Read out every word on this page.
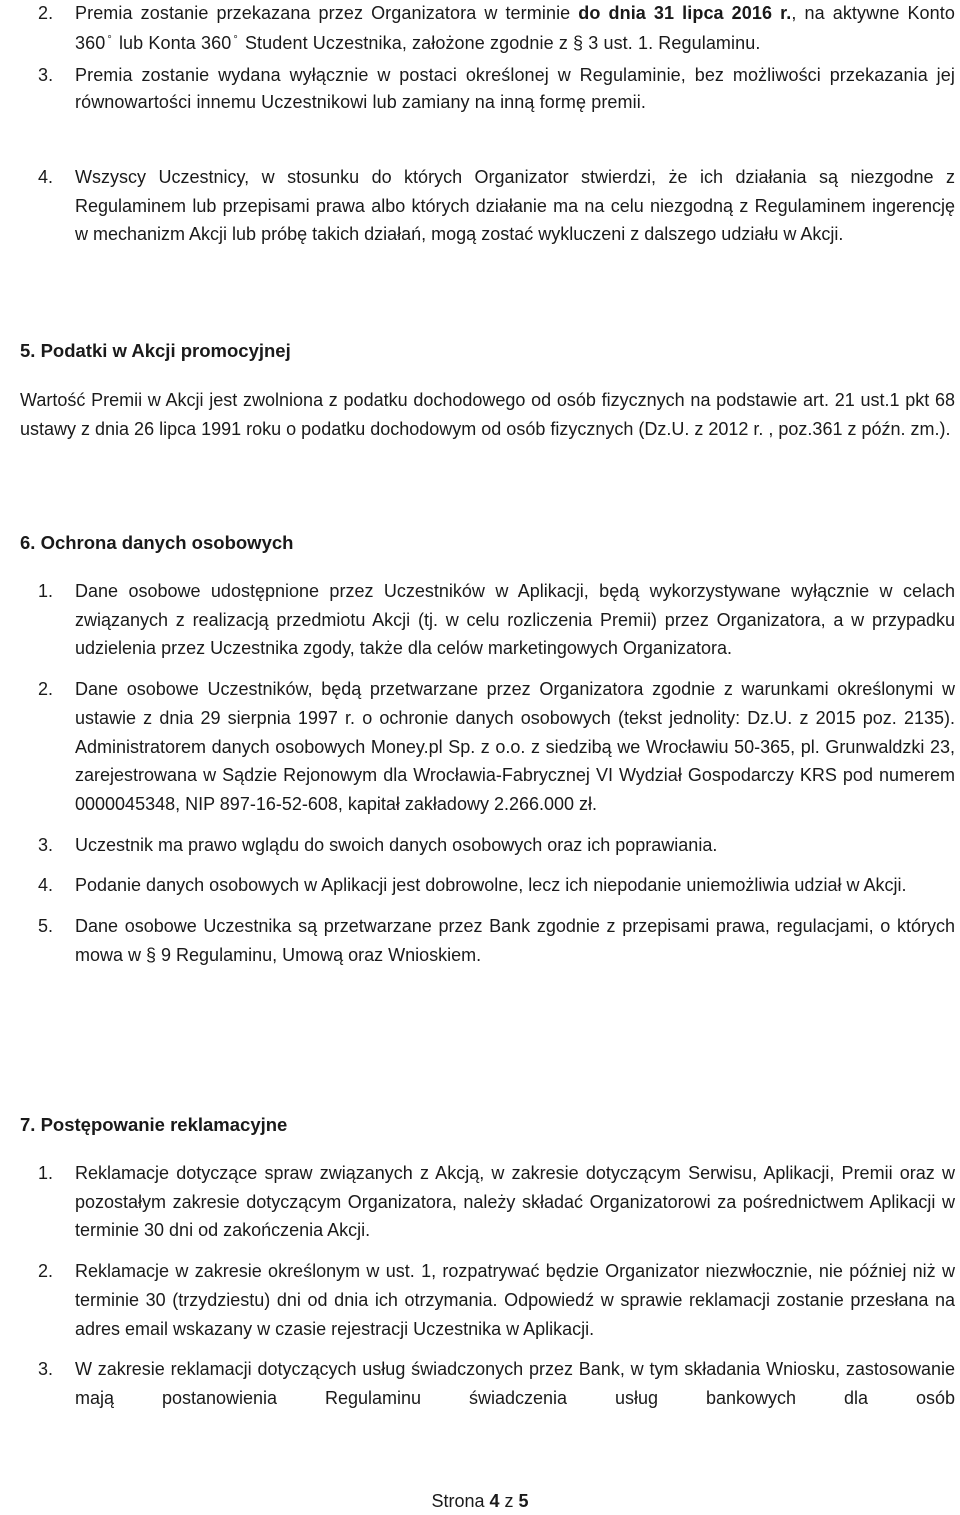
2. Premia zostanie przekazana przez Organizatora w terminie do dnia 31 lipca 2016 r., na aktywne Konto 360 ° lub Konta 360 ° Student Uczestnika, założone zgodnie z § 3 ust. 1. Regulaminu.
3. Premia zostanie wydana wyłącznie w postaci określonej w Regulaminie, bez możliwości przekazania jej równowartości innemu Uczestnikowi lub zamiany na inną formę premii.
4. Wszyscy Uczestnicy, w stosunku do których Organizator stwierdzi, że ich działania są niezgodne z Regulaminem lub przepisami prawa albo których działanie ma na celu niezgodną z Regulaminem ingerencję w mechanizm Akcji lub próbę takich działań, mogą zostać wykluczeni z dalszego udziału w Akcji.
5. Podatki w Akcji promocyjnej
Wartość Premii w Akcji jest zwolniona z podatku dochodowego od osób fizycznych na podstawie art. 21 ust.1 pkt 68 ustawy z dnia 26 lipca 1991 roku o podatku dochodowym od osób fizycznych (Dz.U. z 2012 r. , poz.361 z późn. zm.).
6. Ochrona danych osobowych
1. Dane osobowe udostępnione przez Uczestników w Aplikacji, będą wykorzystywane wyłącznie w celach związanych z realizacją przedmiotu Akcji (tj. w celu rozliczenia Premii) przez Organizatora, a w przypadku udzielenia przez Uczestnika zgody, także dla celów marketingowych Organizatora.
2. Dane osobowe Uczestników, będą przetwarzane przez Organizatora zgodnie z warunkami określonymi w ustawie z dnia 29 sierpnia 1997 r. o ochronie danych osobowych (tekst jednolity: Dz.U. z 2015 poz. 2135). Administratorem danych osobowych Money.pl Sp. z o.o. z siedzibą we Wrocławiu 50-365, pl. Grunwaldzki 23, zarejestrowana w Sądzie Rejonowym dla Wrocławia-Fabrycznej VI Wydział Gospodarczy KRS pod numerem 0000045348, NIP 897-16-52-608, kapitał zakładowy 2.266.000 zł.
3. Uczestnik ma prawo wglądu do swoich danych osobowych oraz ich poprawiania.
4. Podanie danych osobowych w Aplikacji jest dobrowolne, lecz ich niepodanie uniemożliwia udział w Akcji.
5. Dane osobowe Uczestnika są przetwarzane przez Bank zgodnie z przepisami prawa, regulacjami, o których mowa w § 9 Regulaminu, Umową oraz Wnioskiem.
7. Postępowanie reklamacyjne
1. Reklamacje dotyczące spraw związanych z Akcją, w zakresie dotyczącym Serwisu, Aplikacji, Premii oraz w pozostałym zakresie dotyczącym Organizatora, należy składać Organizatorowi za pośrednictwem Aplikacji w terminie 30 dni od zakończenia Akcji.
2. Reklamacje w zakresie określonym w ust. 1, rozpatrywać będzie Organizator niezwłocznie, nie później niż w terminie 30 (trzydziestu) dni od dnia ich otrzymania. Odpowiedź w sprawie reklamacji zostanie przesłana na adres email wskazany w czasie rejestracji Uczestnika w Aplikacji.
3. W zakresie reklamacji dotyczących usług świadczonych przez Bank, w tym składania Wniosku, zastosowanie mają postanowienia Regulaminu świadczenia usług bankowych dla osób
Strona 4 z 5
